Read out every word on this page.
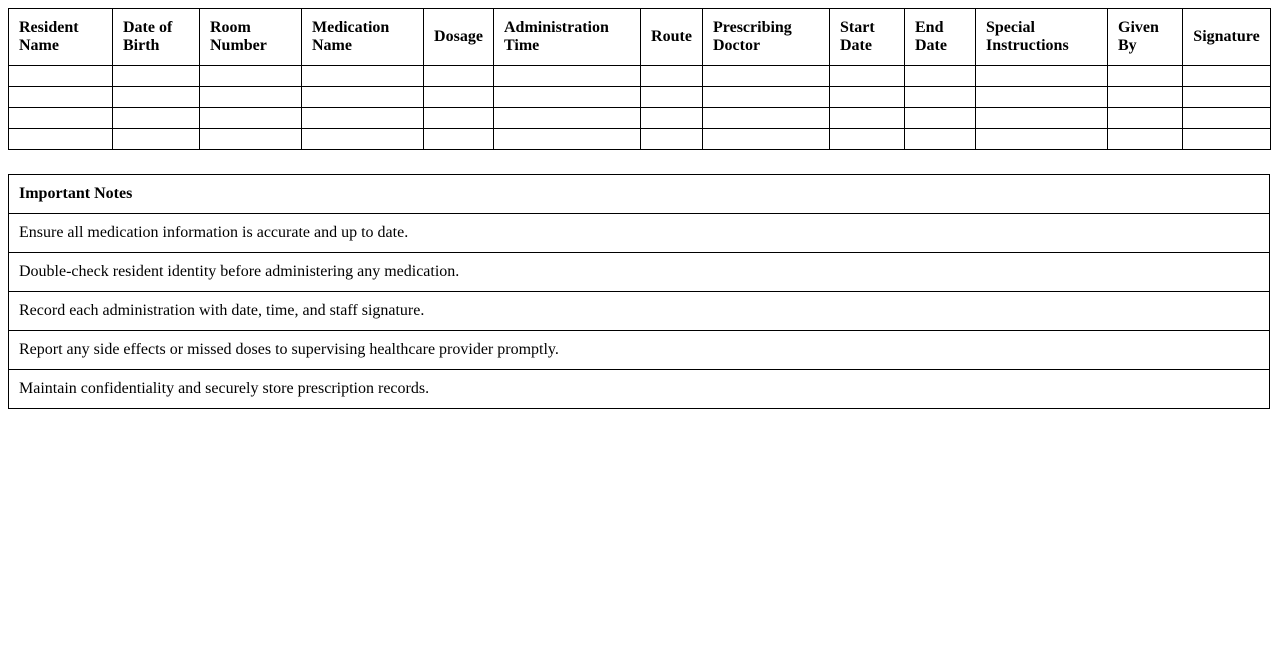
Resident Name	Date of Birth	Room Number	Medication Name	Dosage	Administration Time	Route	Prescribing Doctor	Start Date	End Date	Special Instructions	Given By	Signature

Important Notes
Ensure all medication information is accurate and up to date.
Double-check resident identity before administering any medication.
Record each administration with date, time, and staff signature.
Report any side effects or missed doses to supervising healthcare provider promptly.
Maintain confidentiality and securely store prescription records.
